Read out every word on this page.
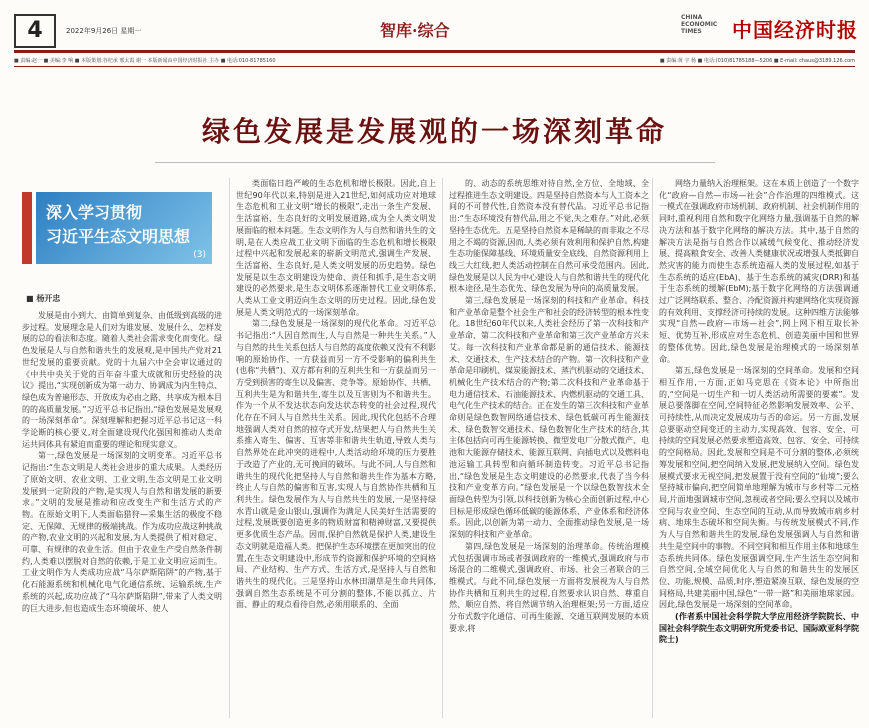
4	2022年9月26日 星期一	智库·综合
CHINA ECONOMIC TIMES	中国经济时报
■ 责编:赵一 ■ 美编:李 响 ■ 本版策划:谷杞承 邢太霞 谢一 本版新闻由中国经济时报社 主办 ■ 电话:010-81785160	■ 责编:黄 宇 杨 ■ 电话:(010)81785188—5206 ■ E-mail: chaus@3189.126.com
绿色发展是发展观的一场深刻革命
深入学习贯彻
习近平生态文明思想
(3)
■ 杨开忠

发展是由小到大、由简单到复杂、由低级到高级的进步过程。发展理念是人们对为谁发展、发展什么、怎样发展的总的看法和态度。随着人类社会需求变化而变化。绿色发展是人与自然和谐共生的发展观,是中国共产党对21世纪发展的重要贡献。党的十九届六中全会审议通过的《中共中央关于党的百年奋斗重大成就和历史经验的决议》提出,“实现创新成为第一动力、协调成为内生特点、绿色成为普遍形态、开放成为必由之路、共享成为根本目的的高质量发展。”习近平总书记指出,“绿色发展是发展观的一场深刻革命”。深刻理解和把握习近平总书记这一科学论断的核心要义,对全面建设现代化强国和推动人类命运共同体具有紧迫而重要的理论和现实意义。

第一,绿色发展是一场深刻的文明变革。习近平总书记指出:“生态文明是人类社会进步的重大成果。人类经历了原始文明、农业文明、工业文明,生态文明是工业文明发展到一定阶段的产物,是实现人与自然和谐发展的新要求。”文明的发展是推动和应改变生产和生活方式的产物。在原始文明下,人类面临猎狩—采集生活的极度不稳定、无保障、无规律的极端挑战。作为成功应战这种挑战的产物,农业文明的兴起和发展,为人类提供了相对稳定、可靠、有规律的农业生活。但由于农业生产受自然条件制约,人类难以摆脱对自然的依赖,于是工业文明应运而生。工业文明作为人类成功应战“马尔萨斯陷阱”的产物,基于化石能源系统和机械化电气化通信系统、运输系统,生产系统的兴起,成功应战了“马尔萨斯陷阱”,带来了人类文明的巨大进步,但也造成生态环境破坏、使人

类面临日趋严峻的生态危机和增长极限。因此,自上世纪90年代以来,特别是进入21世纪,如何成功应对地球生态危机和工业文明“增长的极限”,走出一条生产发展、生活富裕、生态良好的文明发展道路,成为全人类文明发展面临的根本问题。生态文明作为人与自然和谐共生的文明,是在人类应战工业文明下面临的生态危机和增长极限过程中兴起和发展起来的崭新文明范式,强调生产发展、生活富裕、生态良好,是人类文明发展的历史趋势。绿色发展是以生态文明建设为使命、责任和抓手,是生态文明建设的必然要求,是生态文明体系逐渐替代工业文明体系,人类从工业文明迈向生态文明的历史过程。因此,绿色发展是人类文明范式的一场深刻革命。

第二,绿色发展是一场深刻的现代化革命。习近平总书记指出:“人因自然而生,人与自然是一种共生关系。”人与自然的共生关系包括人与自然的高度依赖又没有不利影响的原始协作、一方获益而另一方不受影响的偏利共生(也称“共栖”)、双方都有利的互利共生和一方获益而另一方受到损害的寄生以及偏害、竞争等。原始协作、共栖、互利共生是为和谐共生,寄生以及互害则为不和谐共生。作为一个从不发达状态向发达状态转变的社会过程,现代化存在不同人与自然共生关系。因此,现代化包括不合理地强调人类对自然的掠夺式开发,结果把人与自然共生关系推入寄生、偏害、互害等非和谐共生轨道,导致人类与自然界处在此冲突的进程中,人类活动给环境的压力要胜于改造了产业的,无可挽回的破坏。与此不同,人与自然和谐共生的现代化把坚持人与自然和谐共生作为基本方略,终止人与自然的偏害和互害,实现人与自然协作共栖和互利共生。绿色发展作为人与自然共生的发展,一是坚持绿水青山就是金山银山,强调作为满足人民美好生活需要的过程,发展既要创造更多的物质财富和精神财富,又要提供更多优质生态产品。因而,保护自然就是保护人类,建设生态文明就是造福人类。把保护生态环境摆在更加突出的位置,在生态文明建设中,形成节约资源和保护环境的空间格局、产业结构、生产方式、生活方式,是坚持人与自然和谐共生的现代化。三是坚持山水林田湖草是生命共同体,强调自然生态系统是不可分割的整体,不能以孤立、片面、静止的观点看待自然,必须用联系的、全面

的、动态的系统思维对待自然,全方位、全地域、全过程推进生态文明建设。四是坚持自然资本与人工资本之间的不可替代性,自然资本没有替代品。习近平总书记指出:“生态环境没有替代品,用之不觉,失之难存。”对此,必须坚持生态优先。五是坚持自然资本是稀缺的而非取之不尽用之不竭的资源,因而,人类必须有效利用和保护自然,构建生态功能保障基线、环境质量安全底线、自然资源利用上线三大红线,把人类活动控制在自然可承受范围内。因此,绿色发展是以人民为中心建设人与自然和谐共生的现代化根本途径,是生态优先、绿色发展为导向的高质量发展。

第三,绿色发展是一场深刻的科技和产业革命。科技和产业革命是整个社会生产和社会的经济转型的根本性变化。18世纪60年代以来,人类社会经历了第一次科技和产业革命、第二次科技和产业革命和第三次产业革命方兴未艾。每一次科技和产业革命都是新的通信技术、能源技术、交通技术、生产技术结合的产物。第一次科技和产业革命是印刷机、煤炭能源技术、蒸汽机驱动的交通技术、机械化生产技术结合的产物;第二次科技和产业革命基于电力通信技术、石油能源技术、内燃机驱动的交通工具、电气化生产技术的结合。正在发生的第三次科技和产业革命则是绿色数智网络通信技术、绿色低碳可再生能源技术、绿色数智交通技术、绿色数智化生产技术的结合,其主体包括向可再生能源转换、微型发电厂分散式微产、电池和大能源存储技术、能源互联网、向插电式以及燃料电池运输工具转型和向循环制造转变。习近平总书记指出,“绿色发展是生态文明建设的必然要求,代表了当今科技和产业变革方向。”绿色发展是一个以绿色数智技术全面绿色转型为引领,以科技创新为核心全面创新过程,中心目标是形成绿色循环低碳的能源体系、产业体系和经济体系。因此,以创新为第一动力、全面推动绿色发展,是一场深刻的科技和产业革命。

第四,绿色发展是一场深刻的治理革命。传统治理模式包括强调市场或者强调政府的一维模式,强调政府与市场混合的二维模式,强调政府、市场、社会三者联合的三维模式。与此不同,绿色发展一方面将发展视为人与自然协作共栖和互利共生的过程,自然要求认识自然、尊重自然、顺应自然、将自然调节纳入治理框架;另一方面,适应分布式数字化通信、可再生能源、交通互联网发展的本质要求,将

网络力量纳入治理框架。这在本质上创造了一个数字化“政府—自然—市场—社会”合作治理的四维模式。这一模式在强调政府市场机制、政府机制、社会机制作用的同时,重视利用自然和数字化网络力量,强调基于自然的解决方法和基于数字化网络的解决方法。其中,基于自然的解决方法是指与自然合作以减缓气候变化、推动经济发展、提高粮食安全、改善人类健康状况或增强人类抵御自然灾害的能力而使生态系统造福人类的发展过程,如基于生态系统的适应(EbA)、基于生态系统的减灾(DRR)和基于生态系统的缓解(EbM);基于数字化网络的方法强调通过广泛网络联系、整合、冷配资源并构建网络化实现资源的有效利用、支撑经济可持续的发展。这种四维方法能够实现“自然—政府—市场—社会”,网上网下相互取长补短、优势互补,形成应对生态危机、创造美丽中国和世界的整体优势。因此,绿色发展是治理模式的一场深刻革命。

第五,绿色发展是一场深刻的空间革命。发展和空间相互作用,一方面,正如马克思在《资本论》中所指出的,“空间是一切生产和一切人类活动所需要的要素”。发展总要落脚在空间,空间特征必然影响发展效率、公平、可持续性,从而决定发展成功与否的命运。另一方面,发展总要驱动空间变迁的主动力,实现高效、包容、安全、可持续的空间发展必然要求塑造高效、包容、安全、可持续的空间格局。因此,发展和空间是不可分割的整体,必须统筹发展和空间,把空间纳入发展,把发展纳入空间。绿色发展模式要求无视空间,把发展置于没有空间的“仙境”;要么坚持城市偏向,把空间简单地理解为城市与乡村等二元格局,片面地强调城市空间,忽视或者空间;要么空间以及城市空间与农业空间、生态空间的互动,从而导致城市病乡村病、地球生态破坏和空间失衡。与传统发展模式不同,作为人与自然和谐共生的发展,绿色发展强调人与自然和谐共生是空间中的事物。不同空间和相互作用主体和地球生态系统共同体。绿色发展强调空间,生产生活生态空间和自然空间,全域空间优化人与自然的和谐共生的发展区位、功能,规模、品质,时序,塑造紧凑互联、绿色发展的空间格局,共建美丽中国,绿色“一带一路”和美丽地球家园。因此,绿色发展是一场深刻的空间革命。

(作者系中国社会科学院大学应用经济学院院长、中国社会科学院生态文明研究所党委书记、国际欧亚科学院院士)
